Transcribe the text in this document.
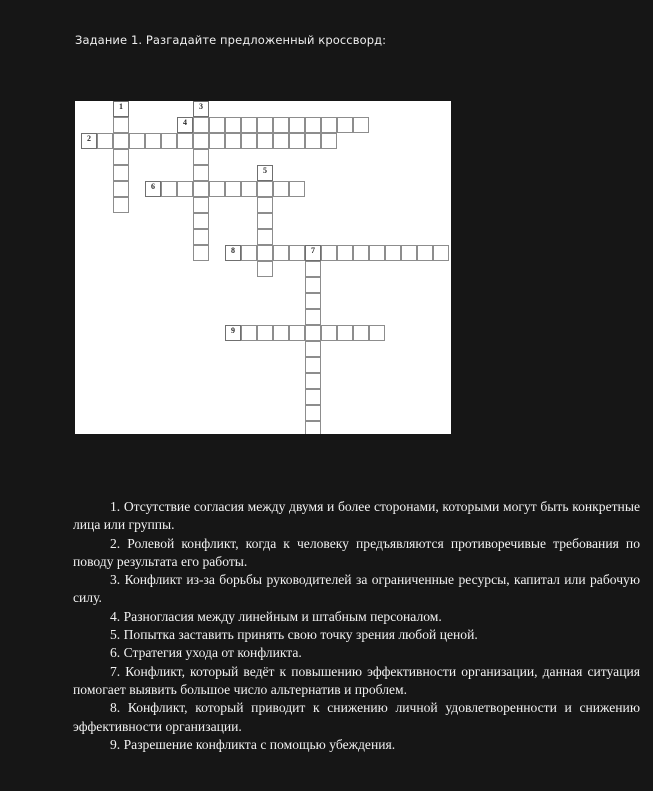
Задание 1. Разгадайте предложенный кроссворд:
1
2
3
4
5
6
7
8
9

1. Отсутствие согласия между двумя и более сторонами, которыми могут быть конкретные лица или группы.

2. Ролевой конфликт, когда к человеку предъявляются противоречивые требования по поводу результата его работы.

3. Конфликт из-за борьбы руководителей за ограниченные ресурсы, капитал или рабочую силу.

4. Разногласия между линейным и штабным персоналом.

5. Попытка заставить принять свою точку зрения любой ценой.

6. Стратегия ухода от конфликта.

7. Конфликт, который ведёт к повышению эффективности организации, данная ситуация помогает выявить большое число альтернатив и проблем.

8. Конфликт, который приводит к снижению личной удовлетворенности и снижению эффективности организации.

9. Разрешение конфликта с помощью убеждения.
